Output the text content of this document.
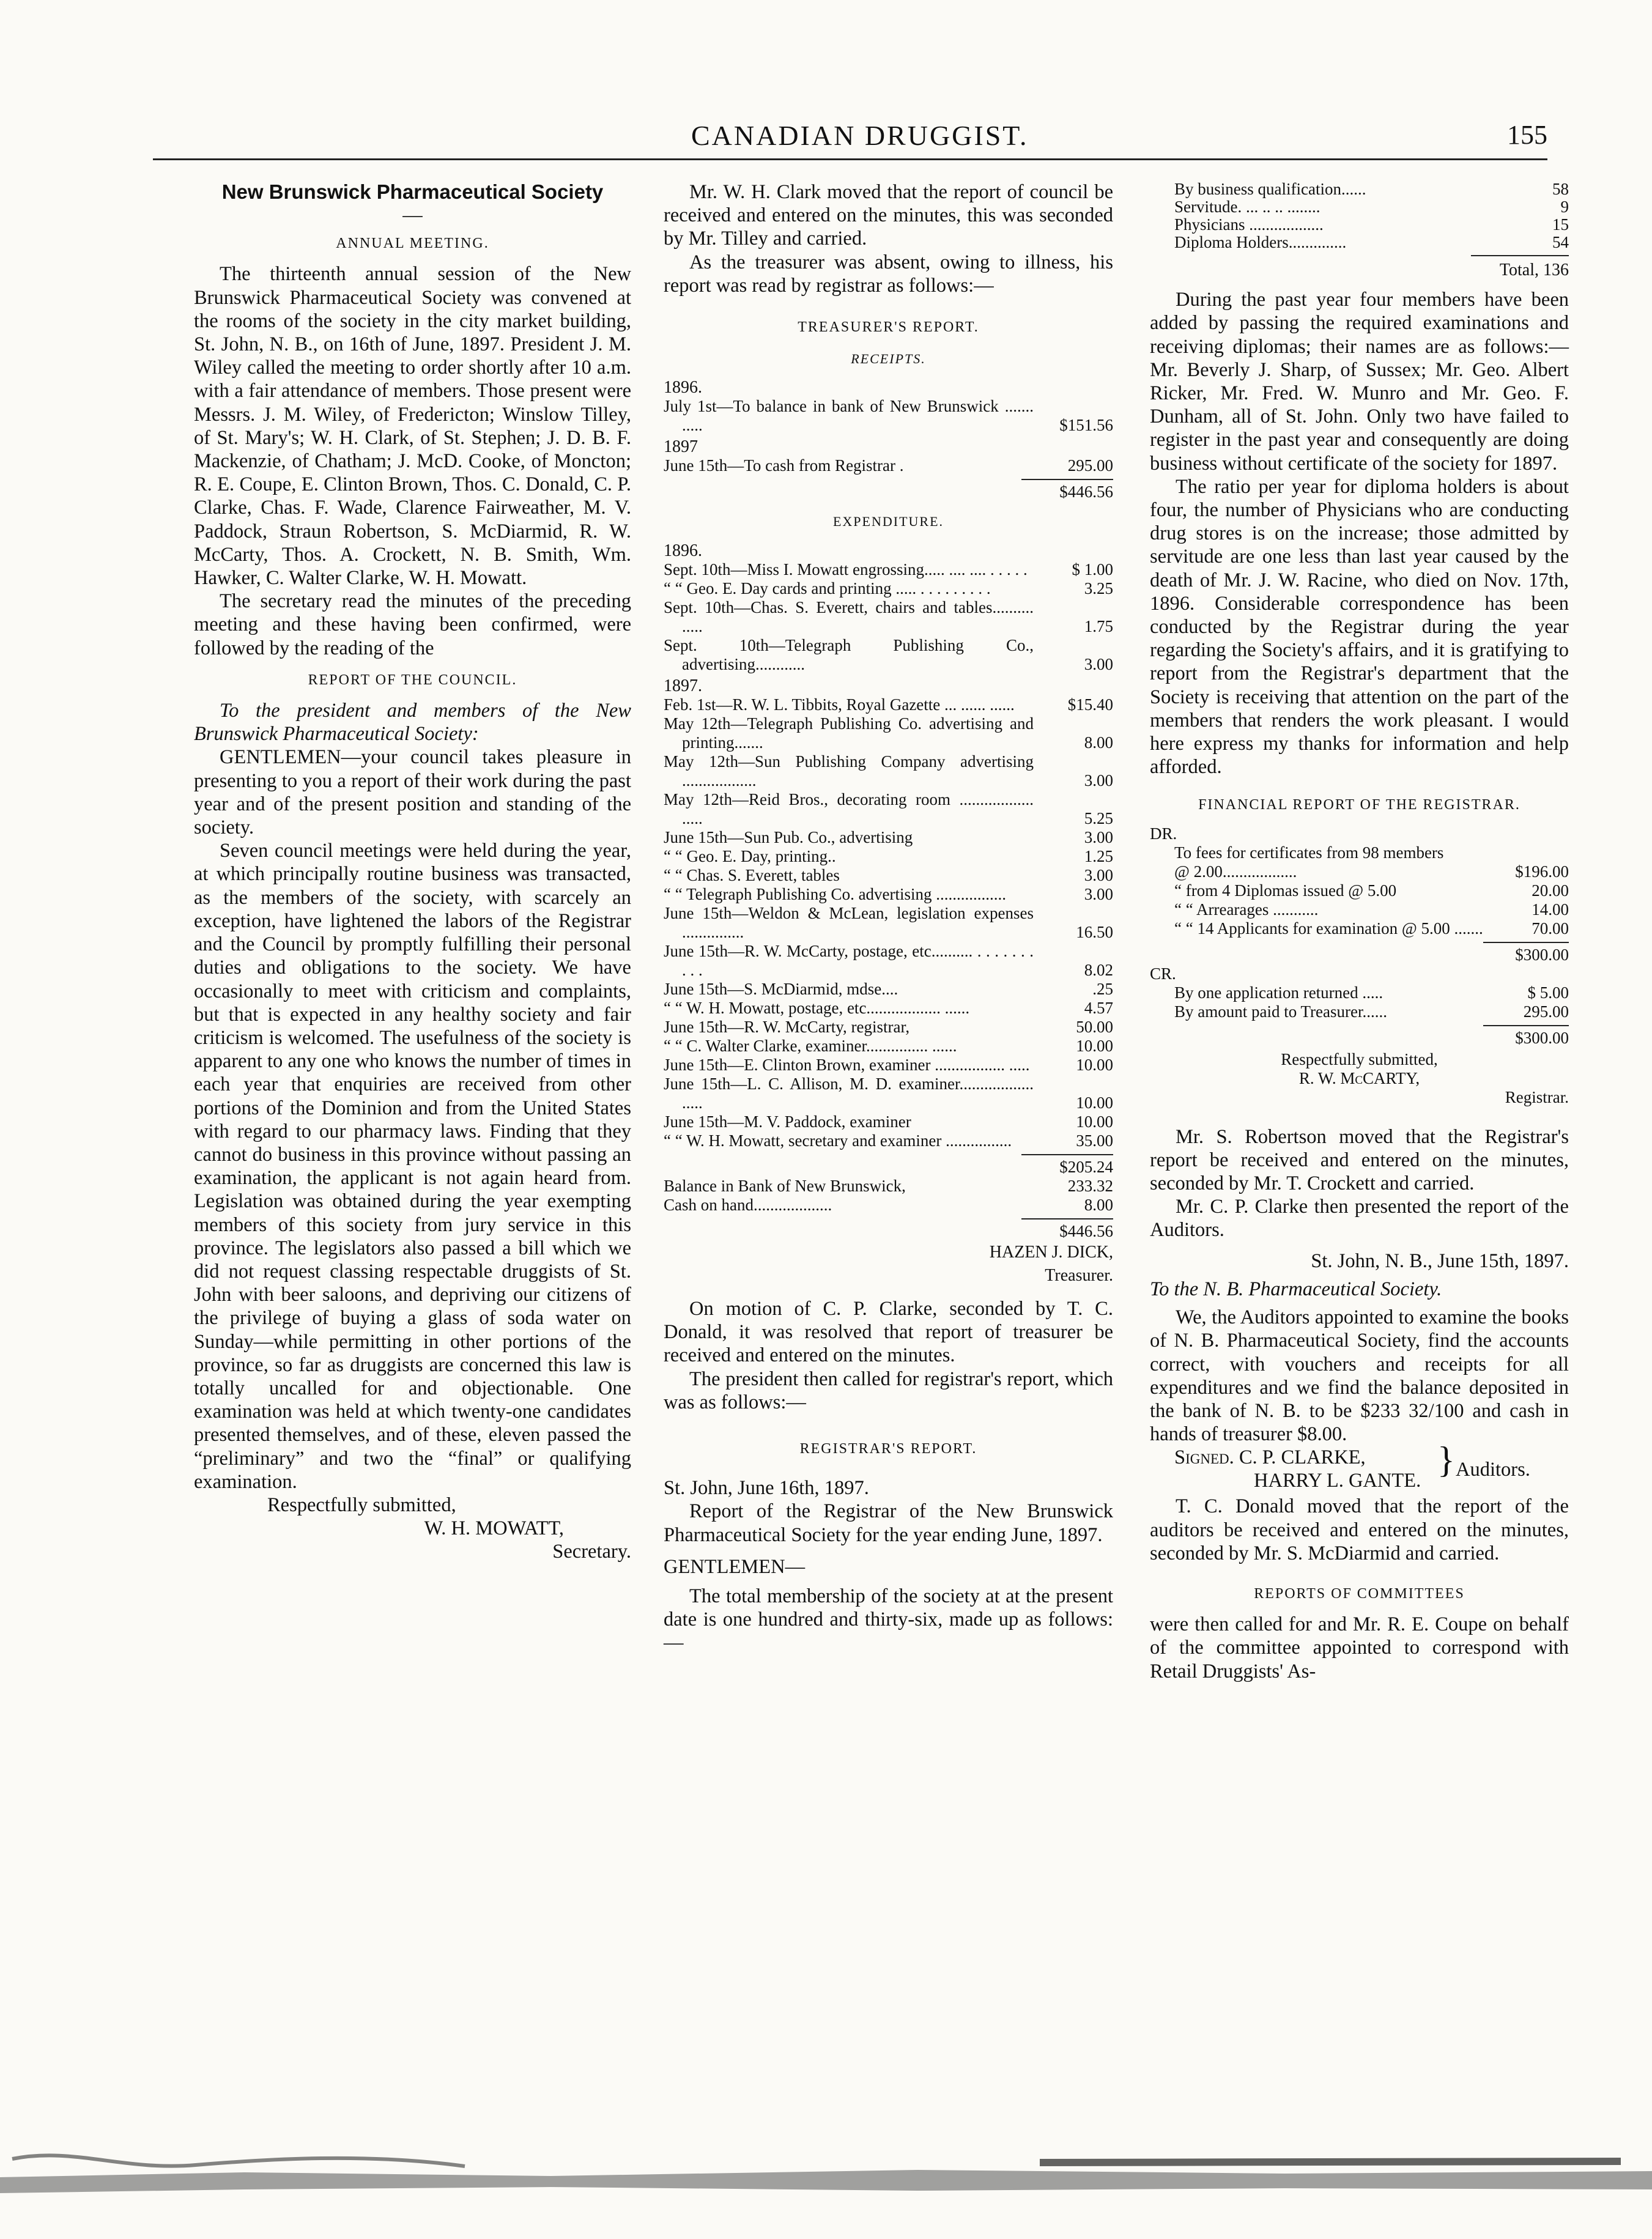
CANADIAN DRUGGIST.	155

New Brunswick Pharmaceutical Society

—

ANNUAL MEETING.

The thirteenth annual session of the New Brunswick Pharmaceutical Society was convened at the rooms of the society in the city market building, St. John, N. B., on 16th of June, 1897. President J. M. Wiley called the meeting to order shortly after 10 a.m. with a fair attendance of members. Those present were Messrs. J. M. Wiley, of Fredericton; Winslow Tilley, of St. Mary's; W. H. Clark, of St. Stephen; J. D. B. F. Mackenzie, of Chatham; J. McD. Cooke, of Moncton; R. E. Coupe, E. Clinton Brown, Thos. C. Donald, C. P. Clarke, Chas. F. Wade, Clarence Fairweather, M. V. Paddock, Straun Robertson, S. McDiarmid, R. W. McCarty, Thos. A. Crockett, N. B. Smith, Wm. Hawker, C. Walter Clarke, W. H. Mowatt.

The secretary read the minutes of the preceding meeting and these having been confirmed, were followed by the reading of the

REPORT OF THE COUNCIL.

To the president and members of the New Brunswick Pharmaceutical Society:

GENTLEMEN—your council takes pleasure in presenting to you a report of their work during the past year and of the present position and standing of the society.

Seven council meetings were held during the year, at which principally routine business was transacted, as the members of the society, with scarcely an exception, have lightened the labors of the Registrar and the Council by promptly fulfilling their personal duties and obligations to the society. We have occasionally to meet with criticism and complaints, but that is expected in any healthy society and fair criticism is welcomed. The usefulness of the society is apparent to any one who knows the number of times in each year that enquiries are received from other portions of the Dominion and from the United States with regard to our pharmacy laws. Finding that they cannot do business in this province without passing an examination, the applicant is not again heard from. Legislation was obtained during the year exempting members of this society from jury service in this province. The legislators also passed a bill which we did not request classing respectable druggists of St. John with beer saloons, and depriving our citizens of the privilege of buying a glass of soda water on Sunday—while permitting in other portions of the province, so far as druggists are concerned this law is totally uncalled for and objectionable. One examination was held at which twenty-one candidates presented themselves, and of these, eleven passed the “preliminary” and two the “final” or qualifying examination.

Respectfully submitted,

W. H. MOWATT,

Secretary.

Mr. W. H. Clark moved that the report of council be received and entered on the minutes, this was seconded by Mr. Tilley and carried.

As the treasurer was absent, owing to illness, his report was read by registrar as follows:—

TREASURER'S REPORT.

RECEIPTS.

1896.

July 1st—To balance in bank of New Brunswick ....... .....	$151.56

1897

June 15th—To cash from Registrar .	295.00

$446.56

EXPENDITURE.

1896.

Sept. 10th—Miss I. Mowatt engrossing..... .... .... . . . . .	$ 1.00

“ “ Geo. E. Day cards and printing ..... . . . . . . . . .	3.25

Sept. 10th—Chas. S. Everett, chairs and tables.......... .....	1.75

Sept. 10th—Telegraph Publishing Co., advertising............	3.00

1897.

Feb. 1st—R. W. L. Tibbits, Royal Gazette ... ...... ......	$15.40

May 12th—Telegraph Publishing Co. advertising and printing.......	8.00

May 12th—Sun Publishing Company advertising ..................	3.00

May 12th—Reid Bros., decorating room .................. .....	5.25

June 15th—Sun Pub. Co., advertising	3.00

“ “ Geo. E. Day, printing..	1.25

“ “ Chas. S. Everett, tables	3.00

“ “ Telegraph Publishing Co. advertising .................	3.00

June 15th—Weldon & McLean, legislation expenses ...............	16.50

June 15th—R. W. McCarty, postage, etc.......... . . . . . . . . . .	8.02

June 15th—S. McDiarmid, mdse....	.25

“ “ W. H. Mowatt, postage, etc.................. ......	4.57

June 15th—R. W. McCarty, registrar,	50.00

“ “ C. Walter Clarke, examiner............... ......	10.00

June 15th—E. Clinton Brown, examiner ................. .....	10.00

June 15th—L. C. Allison, M. D. examiner.................. .....	10.00

June 15th—M. V. Paddock, examiner	10.00

“ “ W. H. Mowatt, secretary and examiner ................	35.00

$205.24

Balance in Bank of New Brunswick,	233.32

Cash on hand...................	8.00

$446.56

HAZEN J. DICK,

Treasurer.

On motion of C. P. Clarke, seconded by T. C. Donald, it was resolved that report of treasurer be received and entered on the minutes.

The president then called for registrar's report, which was as follows:—

REGISTRAR'S REPORT.

St. John, June 16th, 1897.

Report of the Registrar of the New Brunswick Pharmaceutical Society for the year ending June, 1897.

GENTLEMEN—

The total membership of the society at at the present date is one hundred and thirty-six, made up as follows:—

By business qualification......	58

Servitude. ... .. .. ........	9

Physicians ..................	15

Diploma Holders..............	54

Total, 136

During the past year four members have been added by passing the required examinations and receiving diplomas; their names are as follows:—Mr. Beverly J. Sharp, of Sussex; Mr. Geo. Albert Ricker, Mr. Fred. W. Munro and Mr. Geo. F. Dunham, all of St. John. Only two have failed to register in the past year and consequently are doing business without certificate of the society for 1897.

The ratio per year for diploma holders is about four, the number of Physicians who are conducting drug stores is on the increase; those admitted by servitude are one less than last year caused by the death of Mr. J. W. Racine, who died on Nov. 17th, 1896. Considerable correspondence has been conducted by the Registrar during the year regarding the Society's affairs, and it is gratifying to report from the Registrar's department that the Society is receiving that attention on the part of the members that renders the work pleasant. I would here express my thanks for information and help afforded.

FINANCIAL REPORT OF THE REGISTRAR.

DR.

To fees for certificates from 98 members

@ 2.00..................	$196.00

“ from 4 Diplomas issued @ 5.00	20.00

“ “ Arrearages ...........	14.00

“ “ 14 Applicants for examination @ 5.00 .......	70.00

$300.00

CR.

By one application returned .....	$ 5.00

By amount paid to Treasurer......	295.00

$300.00

Respectfully submitted,

R. W. McCARTY,

Registrar.

Mr. S. Robertson moved that the Registrar's report be received and entered on the minutes, seconded by Mr. T. Crockett and carried.

Mr. C. P. Clarke then presented the report of the Auditors.

St. John, N. B., June 15th, 1897.

To the N. B. Pharmaceutical Society.

We, the Auditors appointed to examine the books of N. B. Pharmaceutical Society, find the accounts correct, with vouchers and receipts for all expenditures and we find the balance deposited in the bank of N. B. to be $233 32/100 and cash in hands of treasurer $8.00.

Signed. C. P. CLARKE,

HARRY L. GANTE.

} Auditors.

T. C. Donald moved that the report of the auditors be received and entered on the minutes, seconded by Mr. S. McDiarmid and carried.

REPORTS OF COMMITTEES

were then called for and Mr. R. E. Coupe on behalf of the committee appointed to correspond with Retail Druggists' As-
